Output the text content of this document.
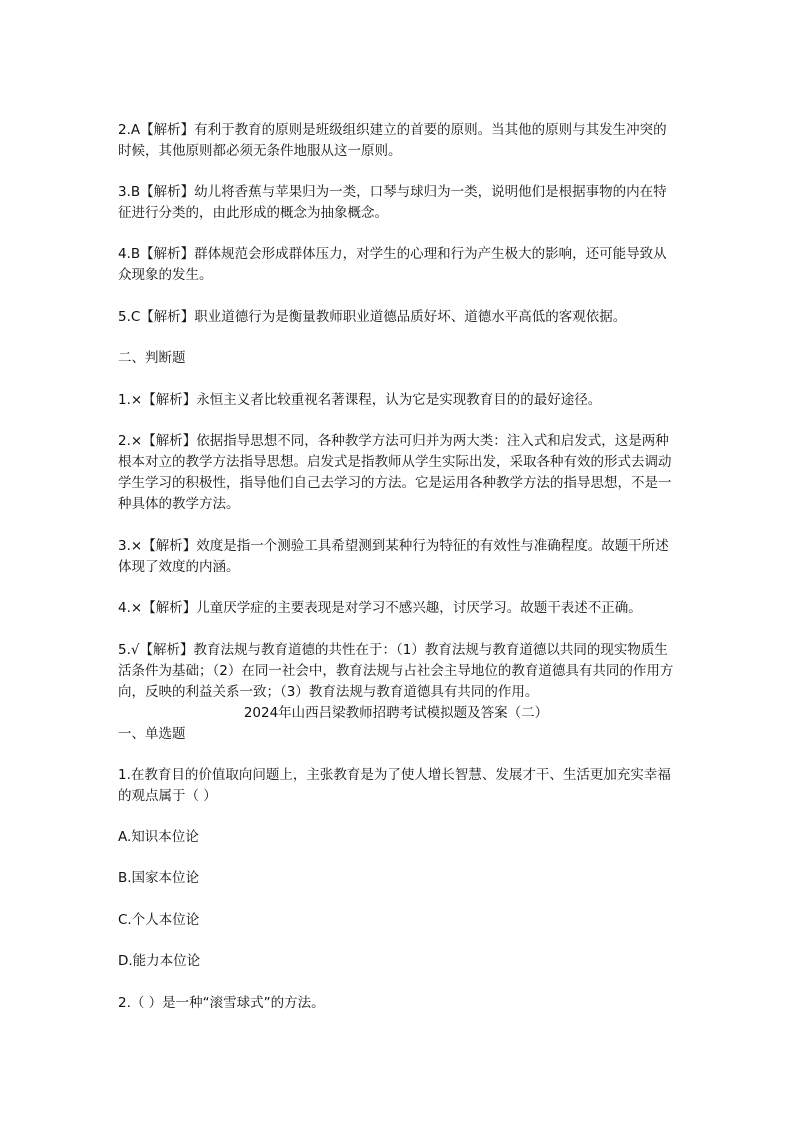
2.A【解析】有利于教育的原则是班级组织建立的首要的原则。当其他的原则与其发生冲突的时候，其他原则都必须无条件地服从这一原则。

3.B【解析】幼儿将香蕉与苹果归为一类，口琴与球归为一类，说明他们是根据事物的内在特征进行分类的，由此形成的概念为抽象概念。

4.B【解析】群体规范会形成群体压力，对学生的心理和行为产生极大的影响，还可能导致从众现象的发生。

5.C【解析】职业道德行为是衡量教师职业道德品质好坏、道德水平高低的客观依据。

二、判断题

1.×【解析】永恒主义者比较重视名著课程，认为它是实现教育目的的最好途径。

2.×【解析】依据指导思想不同，各种教学方法可归并为两大类：注入式和启发式，这是两种根本对立的教学方法指导思想。启发式是指教师从学生实际出发，采取各种有效的形式去调动学生学习的积极性，指导他们自己去学习的方法。它是运用各种教学方法的指导思想，不是一种具体的教学方法。

3.×【解析】效度是指一个测验工具希望测到某种行为特征的有效性与准确程度。故题干所述体现了效度的内涵。

4.×【解析】儿童厌学症的主要表现是对学习不感兴趣，讨厌学习。故题干表述不正确。

5.√【解析】教育法规与教育道德的共性在于：（1）教育法规与教育道德以共同的现实物质生活条件为基础；（2）在同一社会中，教育法规与占社会主导地位的教育道德具有共同的作用方向，反映的利益关系一致；（3）教育法规与教育道德具有共同的作用。

2024年山西吕梁教师招聘考试模拟题及答案（二）

一、单选题

1.在教育目的价值取向问题上，主张教育是为了使人增长智慧、发展才干、生活更加充实幸福的观点属于（ ）

A.知识本位论

B.国家本位论

C.个人本位论

D.能力本位论

2.（ ）是一种“滚雪球式”的方法。
